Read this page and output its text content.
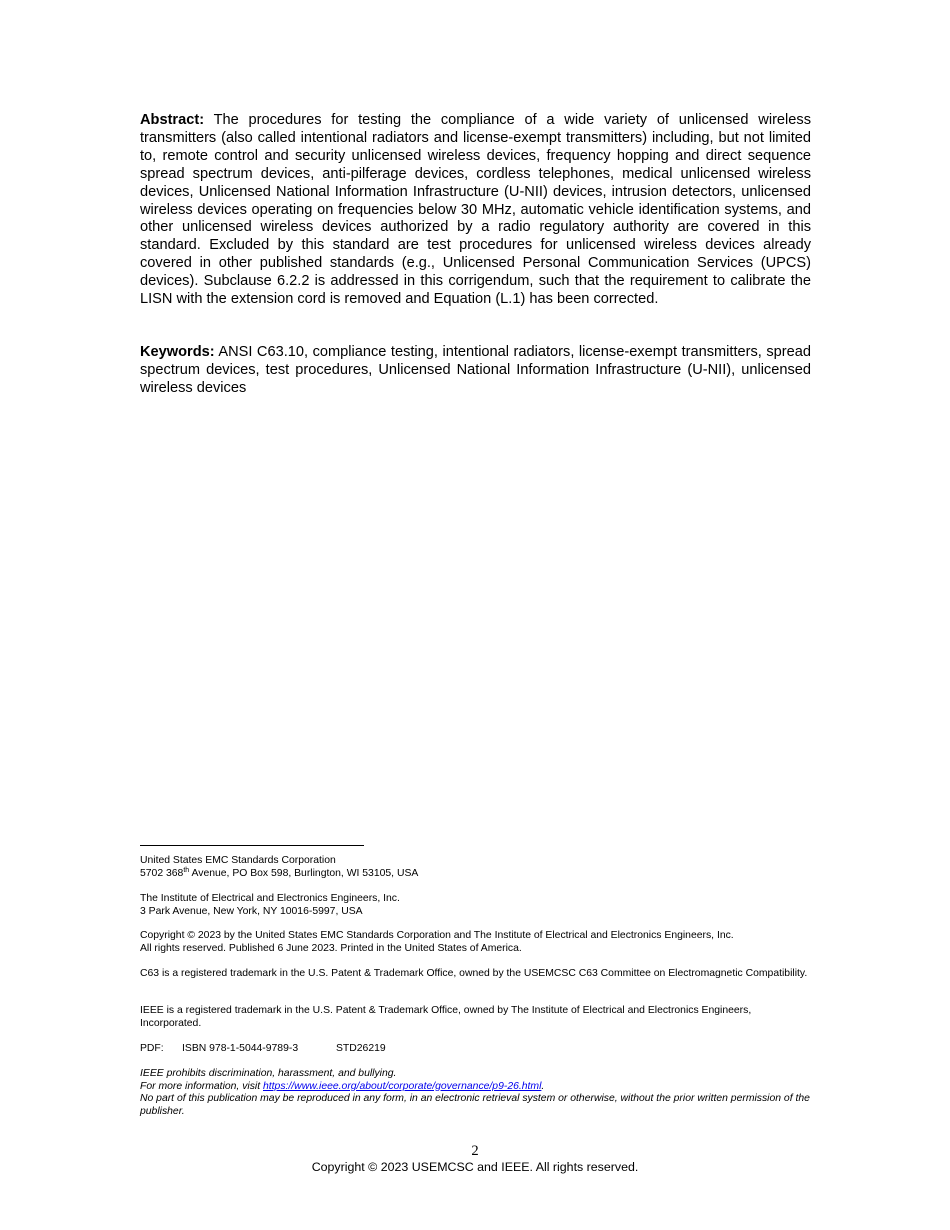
Abstract: The procedures for testing the compliance of a wide variety of unlicensed wireless transmitters (also called intentional radiators and license-exempt transmitters) including, but not limited to, remote control and security unlicensed wireless devices, frequency hopping and direct sequence spread spectrum devices, anti-pilferage devices, cordless telephones, medical unlicensed wireless devices, Unlicensed National Information Infrastructure (U-NII) devices, intrusion detectors, unlicensed wireless devices operating on frequencies below 30 MHz, automatic vehicle identification systems, and other unlicensed wireless devices authorized by a radio regulatory authority are covered in this standard. Excluded by this standard are test procedures for unlicensed wireless devices already covered in other published standards (e.g., Unlicensed Personal Communication Services (UPCS) devices). Subclause 6.2.2 is addressed in this corrigendum, such that the requirement to calibrate the LISN with the extension cord is removed and Equation (L.1) has been corrected.
Keywords: ANSI C63.10, compliance testing, intentional radiators, license-exempt transmitters, spread spectrum devices, test procedures, Unlicensed National Information Infrastructure (U-NII), unlicensed wireless devices

United States EMC Standards Corporation

5702 368th Avenue, PO Box 598, Burlington, WI 53105, USA

The Institute of Electrical and Electronics Engineers, Inc.

3 Park Avenue, New York, NY 10016-5997, USA

Copyright © 2023 by the United States EMC Standards Corporation and The Institute of Electrical and Electronics Engineers, Inc.

All rights reserved. Published 6 June 2023. Printed in the United States of America.

C63 is a registered trademark in the U.S. Patent & Trademark Office, owned by the USEMCSC C63 Committee on Electromagnetic Compatibility.

IEEE is a registered trademark in the U.S. Patent & Trademark Office, owned by The Institute of Electrical and Electronics Engineers, Incorporated.

PDF: ISBN 978-1-5044-9789-3	STD26219

IEEE prohibits discrimination, harassment, and bullying.

For more information, visit https://www.ieee.org/about/corporate/governance/p9-26.html.

No part of this publication may be reproduced in any form, in an electronic retrieval system or otherwise, without the prior written permission of the publisher.

2
Copyright © 2023 USEMCSC and IEEE. All rights reserved.
